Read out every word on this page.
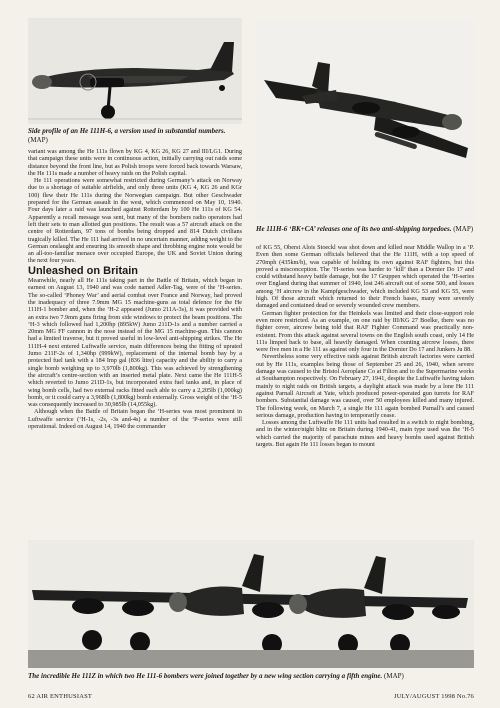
Side profile of an He 111H-6, a version used in substantial numbers. (MAP)
He 111H-6 ‘BK+CA’ releases one of its two anti-shipping torpedoes. (MAP)

variant was among the He 111s flown by KG 4, KG 26, KG 27 and III/LG1. During that campaign these units were in continuous action, initially carrying out raids some distance beyond the front line, but as Polish troops were forced back towards Warsaw, the He 111s made a number of heavy raids on the Polish capital.

He 111 operations were somewhat restricted during Germany’s attack on Norway due to a shortage of suitable airfields, and only three units (KG 4, KG 26 and KGr 100) flew their He 111s during the Norwegian campaign. But other Geschwader prepared for the German assault in the west, which commenced on May 10, 1940. Four days later a raid was launched against Rotterdam by 100 He 111s of KG 54. Apparently a recall message was sent, but many of the bombers radio operators had left their sets to man allotted gun positions. The result was a 57 aircraft attack on the centre of Rotterdam, 97 tons of bombs being dropped and 814 Dutch civilians tragically killed. The He 111 had arrived in no uncertain manner, adding weight to the German onslaught and ensuring its smooth shape and throbbing engine note would be an all-too-familiar menace over occupied Europe, the UK and Soviet Union during the next four years.

Unleashed on Britain

Meanwhile, nearly all He 111s taking part in the Battle of Britain, which began in earnest on August 13, 1940 and was code named Adler-Tag, were of the ‘H-series. The so-called ‘Phoney War’ and aerial combat over France and Norway, had proved the inadequacy of three 7.9mm MG 15 machine-guns as total defence for the He 111H-1 bomber and, when the ‘H-2 appeared (Jumo 211A-3s), it was provided with an extra two 7.9mm guns firing from side windows to protect the beam positions. The ‘H-3 which followed had 1,200hp (895kW) Jumo 211D-1s and a number carried a 20mm MG FF cannon in the nose instead of the MG 15 machine-gun. This cannon had a limited traverse, but it proved useful in low-level anti-shipping strikes. The He 111H-4 next entered Luftwaffe service, main differences being the fitting of uprated Jumo 211F-2s of 1,340hp (999kW), replacement of the internal bomb bay by a protected fuel tank with a 184 Imp gal (836 litre) capacity and the ability to carry a single bomb weighing up to 3,970lb (1,800kg). This was achieved by strengthening the aircraft’s centre-section with an inserted metal plate. Next came the He 111H-5 which reverted to Jumo 211D-1s, but incorporated extra fuel tanks and, in place of wing bomb cells, had two external racks fitted each able to carry a 2,205lb (1,000kg) bomb, or it could carry a 3,968lb (1,800kg) bomb externally. Gross weight of the ‘H-5 was consequently increased to 30,985lb (14,055kg).

Although when the Battle of Britain began the ‘H-series was most prominent in Luftwaffe service (‘H-1s, -2s, -3s and-4s) a number of the ‘P-series were still operational. Indeed on August 14, 1940 the commander

of KG 55, Oberst Alois Stoeckl was shot down and killed near Middle Wallop in a ‘P. Even then some German officials believed that the He 111H, with a top speed of 270mph (435km/h), was capable of holding its own against RAF fighters, but this proved a misconception. The ‘H-series was harder to ‘kill’ than a Dornier Do 17 and could withstand heavy battle damage, but the 17 Gruppen which operated the ‘H-series over England during that summer of 1940, lost 246 aircraft out of some 500, and losses among ‘H aircrew in the Kampfgeschwader, which included KG 53 and KG 55, were high. Of those aircraft which returned to their French bases, many were severely damaged and contained dead or severely wounded crew members.

German fighter protection for the Heinkels was limited and their close-support role even more restricted. As an example, on one raid by III/KG 27 Boelke, there was no fighter cover, aircrew being told that RAF Fighter Command was practically non-existent. From this attack against several towns on the English south coast, only 14 He 111s limped back to base, all heavily damaged. When counting aircrew losses, there were five men in a He 111 as against only four in the Dornier Do 17 and Junkers Ju 88.

Nevertheless some very effective raids against British aircraft factories were carried out by He 111s, examples being those of September 25 and 26, 1940, when severe damage was caused to the Bristol Aeroplane Co at Filton and to the Supermarine works at Southampton respectively. On February 27, 1941, despite the Luftwaffe having taken mainly to night raids on British targets, a daylight attack was made by a lone He 111 against Parnall Aircraft at Yate, which produced power-operated gun turrets for RAF bombers. Substantial damage was caused, over 50 employees killed and many injured. The following week, on March 7, a single He 111 again bombed Parnall’s and caused serious damage, production having to temporarily cease.

Losses among the Luftwaffe He 111 units had resulted in a switch to night bombing, and in the winter/night blitz on Britain during 1940-41, main type used was the ‘H-5 which carried the majority of parachute mines and heavy bombs used against British targets. But again He 111 losses began to mount

The incredible He 111Z in which two He 111-6 bombers were joined together by a new wing section carrying a fifth engine. (MAP)
62 AIR ENTHUSIAST	JULY/AUGUST 1998 No.76
